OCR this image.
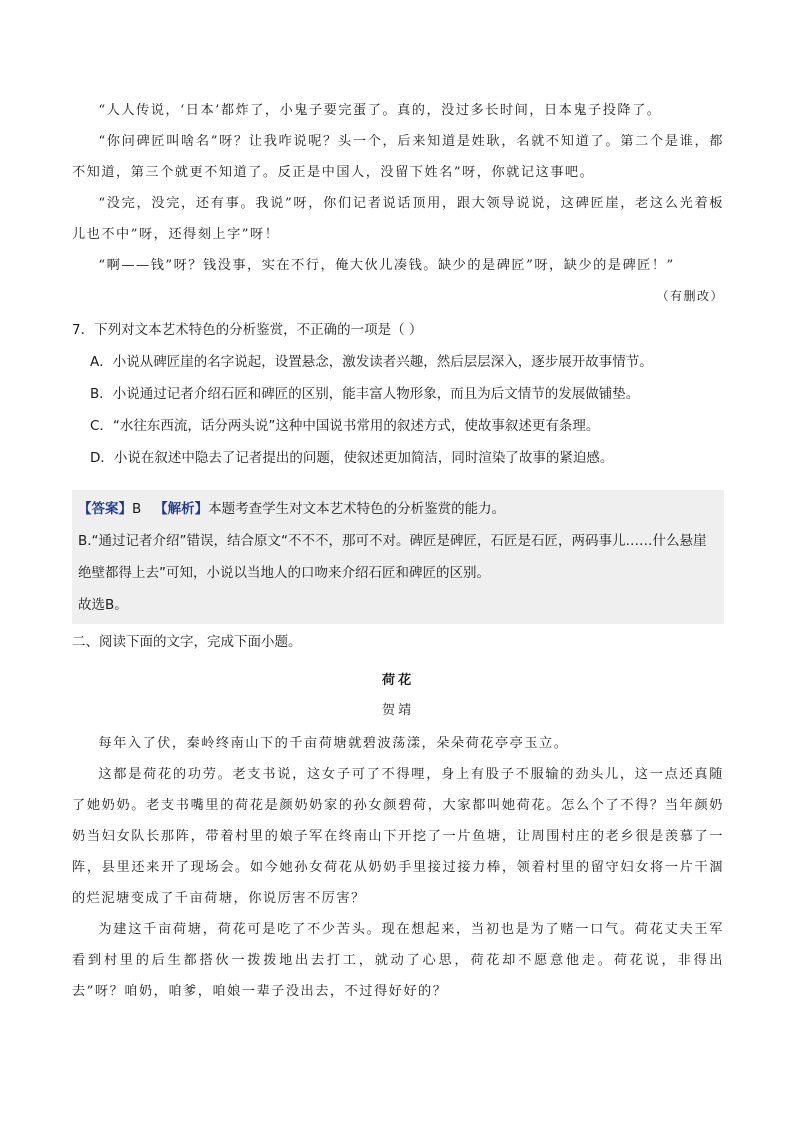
“人人传说，‘日本’都炸了，小鬼子要完蛋了。真的，没过多长时间，日本鬼子投降了。

“你问碑匠叫啥名”呀？让我咋说呢？头一个，后来知道是姓耿，名就不知道了。第二个是谁，都不知道，第三个就更不知道了。反正是中国人，没留下姓名”呀，你就记这事吧。

“没完，没完，还有事。我说”呀，你们记者说话顶用，跟大领导说说，这碑匠崖，老这么光着板儿也不中”呀，还得刻上字”呀！

“啊——钱”呀？钱没事，实在不行，俺大伙儿凑钱。缺少的是碑匠”呀，缺少的是碑匠！”

（有删改）

7．下列对文本艺术特色的分析鉴赏，不正确的一项是（ ）

A．小说从碑匠崖的名字说起，设置悬念，激发读者兴趣，然后层层深入，逐步展开故事情节。

B．小说通过记者介绍石匠和碑匠的区别，能丰富人物形象，而且为后文情节的发展做铺垫。

C．“水往东西流，话分两头说”这种中国说书常用的叙述方式，使故事叙述更有条理。

D．小说在叙述中隐去了记者提出的问题，使叙述更加简洁，同时渲染了故事的紧迫感。

【答案】B 【解析】本题考查学生对文本艺术特色的分析鉴赏的能力。

B.“通过记者介绍”错误，结合原文“不不不，那可不对。碑匠是碑匠，石匠是石匠，两码事儿……什么悬崖绝壁都得上去”可知，小说以当地人的口吻来介绍石匠和碑匠的区别。

故选B。

二、阅读下面的文字，完成下面小题。

荷花

贺靖

每年入了伏，秦岭终南山下的千亩荷塘就碧波荡漾，朵朵荷花亭亭玉立。

这都是荷花的功劳。老支书说，这女子可了不得哩，身上有股子不服输的劲头儿，这一点还真随了她奶奶。老支书嘴里的荷花是颜奶奶家的孙女颜碧荷，大家都叫她荷花。怎么个了不得？当年颜奶奶当妇女队长那阵，带着村里的娘子军在终南山下开挖了一片鱼塘，让周围村庄的老乡很是羡慕了一阵，县里还来开了现场会。如今她孙女荷花从奶奶手里接过接力棒，领着村里的留守妇女将一片干涸的烂泥塘变成了千亩荷塘，你说厉害不厉害？

为建这千亩荷塘，荷花可是吃了不少苦头。现在想起来，当初也是为了赌一口气。荷花丈夫王军看到村里的后生都搭伙一拨拨地出去打工，就动了心思，荷花却不愿意他走。荷花说，非得出去”呀？咱奶，咱爹，咱娘一辈子没出去，不过得好好的？
